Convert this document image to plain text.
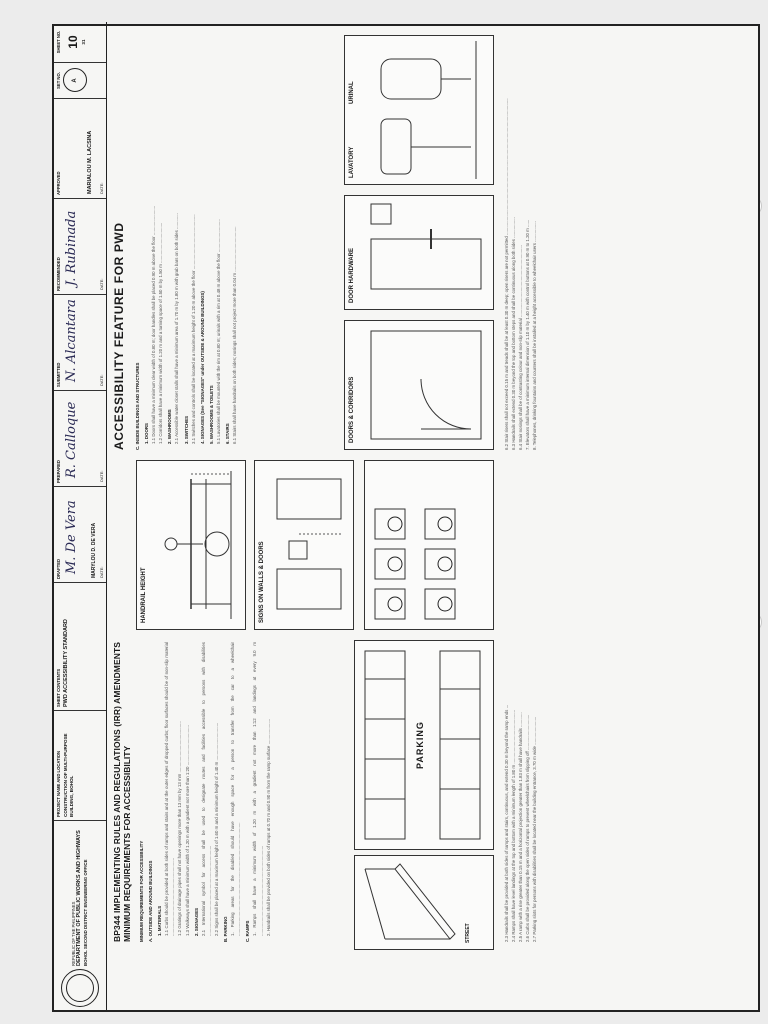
REPUBLIC OF THE PHILIPPINES DEPARTMENT OF PUBLIC WORKS AND HIGHWAYS BOHOL SECOND DISTRICT ENGINEERING OFFICE
PROJECT NAME AND LOCATION CONSTRUCTION OF MULTI-PURPOSE BUILDING, BOHOL
SHEET CONTENTS PWD ACCESSIBILITY STANDARD
DRAFTED M. De Vera MARYLOU D. DE VERA DATE:
PREPARED R. Calloque	DATE:
SUBMITTED N. Alcantara	DATE:
RECOMMENDED J. Rubinada	DATE:
APPROVED	MARIALOU M. LACSINA DATE:
SET NO. A
SHEET NO. 10 31
BP344 IMPLEMENTING RULES AND REGULATIONS (IRR) AMENDMENTS MINIMUM REQUIREMENTS FOR ACCESSIBILITY
ACCESSIBILITY FEATURE FOR PWD

MINIMUM REQUIREMENTS FOR ACCESSIBILITY A. OUTSIDE AND AROUND BUILDINGS 1. MATERIALS 1.1 Curbs should be provided at both sides of ramps and stairs and at the outer edges of dropped curbs; floor surfaces should be of non-slip material ................................................................ 1.2 Gratings of drainage pipes shall not have openings more than 13 mm by 13 mm .......................................... 1.3 Walkways shall have a minimum width of 1.20 m with a gradient not more than 1:20 ................................. 2. SIGNAGES 2.1 International symbol for access shall be used to designate routes and facilities accessible to persons with disabilities .......................................................................... 2.2 Signs shall be placed at a maximum height of 1.60 m and a minimum height of 1.40 m ............................... B. PARKING 1. Parking areas for the disabled should have enough space for a person to transfer from the car to a wheelchair ............................................................................................. C. RAMPS 1. Ramps shall have a minimum width of 1.20 m with a gradient not more than 1:12 and landings at every 9.0 m .......................................................................... 2. Handrails shall be provided on both sides of ramps at 0.70 m and 0.90 m from the ramp surface .....................

C. INSIDE BUILDINGS AND STRUCTURES 1. DOORS 1.1 Doors shall have a minimum clear width of 0.80 m; door handles shall be placed 0.90 m above the floor ........................ 1.2 Corridors shall have a minimum width of 1.20 m and a turning space of 1.50 m by 1.50 m ................................. 2. WASHROOMS 2.1 Accessible water closet stalls shall have a minimum area of 1.70 m by 1.80 m with grab bars on both sides ............. 3. SWITCHES 3.1 Switches and controls shall be located at a maximum height of 1.20 m above the floor ............................................. 4. SIGNAGES (See "SIGNAGES" under OUTSIDE & AROUND BUILDINGS) 5. WASHROOMS & TOILETS 5.1 Lavatories shall be mounted with the rim at 0.80 m; urinals with a rim at 0.48 m above the floor ........................... 6. STAIRS 6.1 Stairs shall have handrails on both sides; nosings shall not project more than 0.04 m .....................................

HANDRAIL HEIGHT	SIGNS ON WALLS & DOORS
PARKING
STREET
DOORS & CORRIDORS
DOOR HARDWARE
LAVATORY
URINAL

6.2 Stair risers shall not exceed 0.15 m and treads shall be at least 0.30 m deep; open risers are not permitted ................................................................................................................ 6.3 Handrails shall extend 0.30 m beyond the top and bottom steps and shall be continuous along both sides ................. 6.4 Stair nosings shall be of contrasting colour and non-slip material ........................................................... 7. Elevators shall have a minimum internal dimension of 1.10 m by 1.40 m with control buttons at 0.90 m to 1.20 m ...... 8. Telephones, drinking fountains and counters shall be installed at a height accessible to wheelchair users .................

2.3 Handrails shall be provided at both sides of ramps and stairs, continuous, and extend 0.30 m beyond the ramp ends ... 2.4 Ramps shall have level landings at the top and bottom with a minimum length of 1.80 m ............................................ 2.5 A ramp with a rise greater than 0.15 m and a horizontal projection greater than 1.83 m shall have handrails ............ 2.6 Curbs shall be provided along the open sides of ramps to prevent wheelchairs from slipping off ............................. 2.7 Parking slots for persons with disabilities shall be located near the building entrance, 3.70 m wide .......................
